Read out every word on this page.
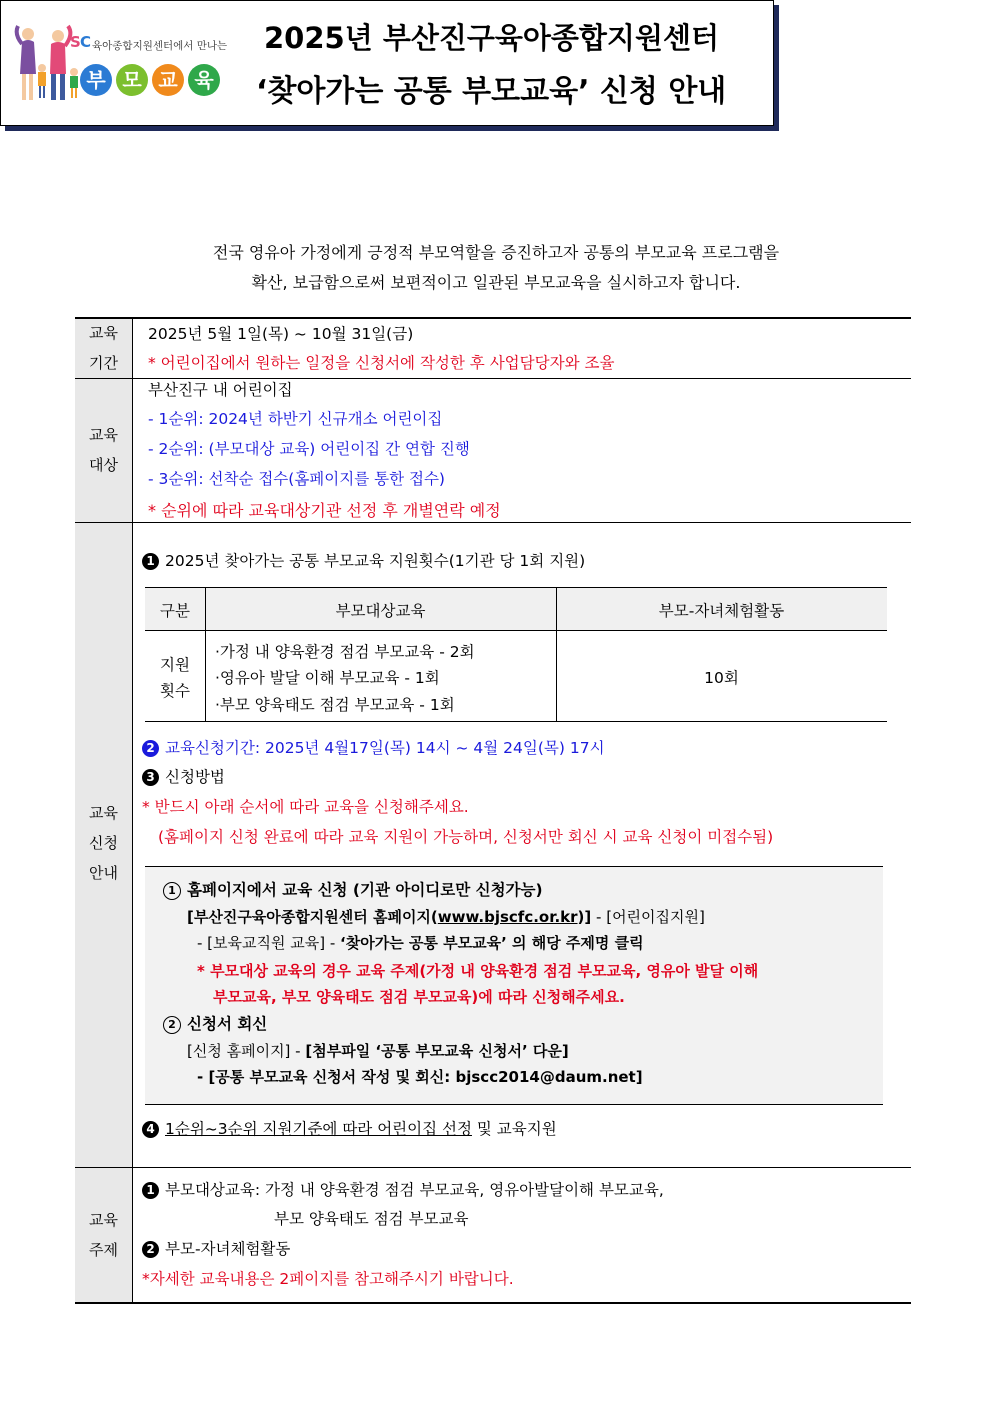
S C 육아종합지원센터에서 만나는
부 모 교 육
2025년 부산진구육아종합지원센터
‘찾아가는 공통 부모교육’ 신청 안내
전국 영유아 가정에게 긍정적 부모역할을 증진하고자 공통의 부모교육 프로그램을
확산, 보급함으로써 보편적이고 일관된 부모교육을 실시하고자 합니다.
교육
기간
2025년 5월 1일(목) ~ 10월 31일(금)
* 어린이집에서 원하는 일정을 신청서에 작성한 후 사업담당자와 조율
교육
대상
부산진구 내 어린이집
- 1순위: 2024년 하반기 신규개소 어린이집
- 2순위: (부모대상 교육) 어린이집 간 연합 진행
- 3순위: 선착순 접수(홈페이지를 통한 접수)
* 순위에 따라 교육대상기관 선정 후 개별연락 예정
교육
신청
안내
1 2025년 찾아가는 공통 부모교육 지원횟수(1기관 당 1회 지원)
구분	부모대상교육	부모-자녀체험활동
지원
횟수
·가정 내 양육환경 점검 부모교육 - 2회
·영유아 발달 이해 부모교육 - 1회
·부모 양육태도 점검 부모교육 - 1회
10회
2 교육신청기간: 2025년 4월17일(목) 14시 ~ 4월 24일(목) 17시
3 신청방법
* 반드시 아래 순서에 따라 교육을 신청해주세요.
(홈페이지 신청 완료에 따라 교육 지원이 가능하며, 신청서만 회신 시 교육 신청이 미접수됨)
1 홈페이지에서 교육 신청 (기관 아이디로만 신청가능)
[부산진구육아종합지원센터 홈페이지(www.bjscfc.or.kr)] - [어린이집지원]
- [보육교직원 교육] - ‘찾아가는 공통 부모교육’ 의 해당 주제명 클릭
* 부모대상 교육의 경우 교육 주제(가정 내 양육환경 점검 부모교육, 영유아 발달 이해
부모교육, 부모 양육태도 점검 부모교육)에 따라 신청해주세요.
2 신청서 회신
[신청 홈페이지] - [첨부파일 ‘공통 부모교육 신청서’ 다운]
- [공통 부모교육 신청서 작성 및 회신: bjscc2014@daum.net]
4 1순위~3순위 지원기준에 따라 어린이집 선정 및 교육지원
교육
주제
1 부모대상교육: 가정 내 양육환경 점검 부모교육, 영유아발달이해 부모교육,
부모 양육태도 점검 부모교육
2 부모-자녀체험활동
*자세한 교육내용은 2페이지를 참고해주시기 바랍니다.
